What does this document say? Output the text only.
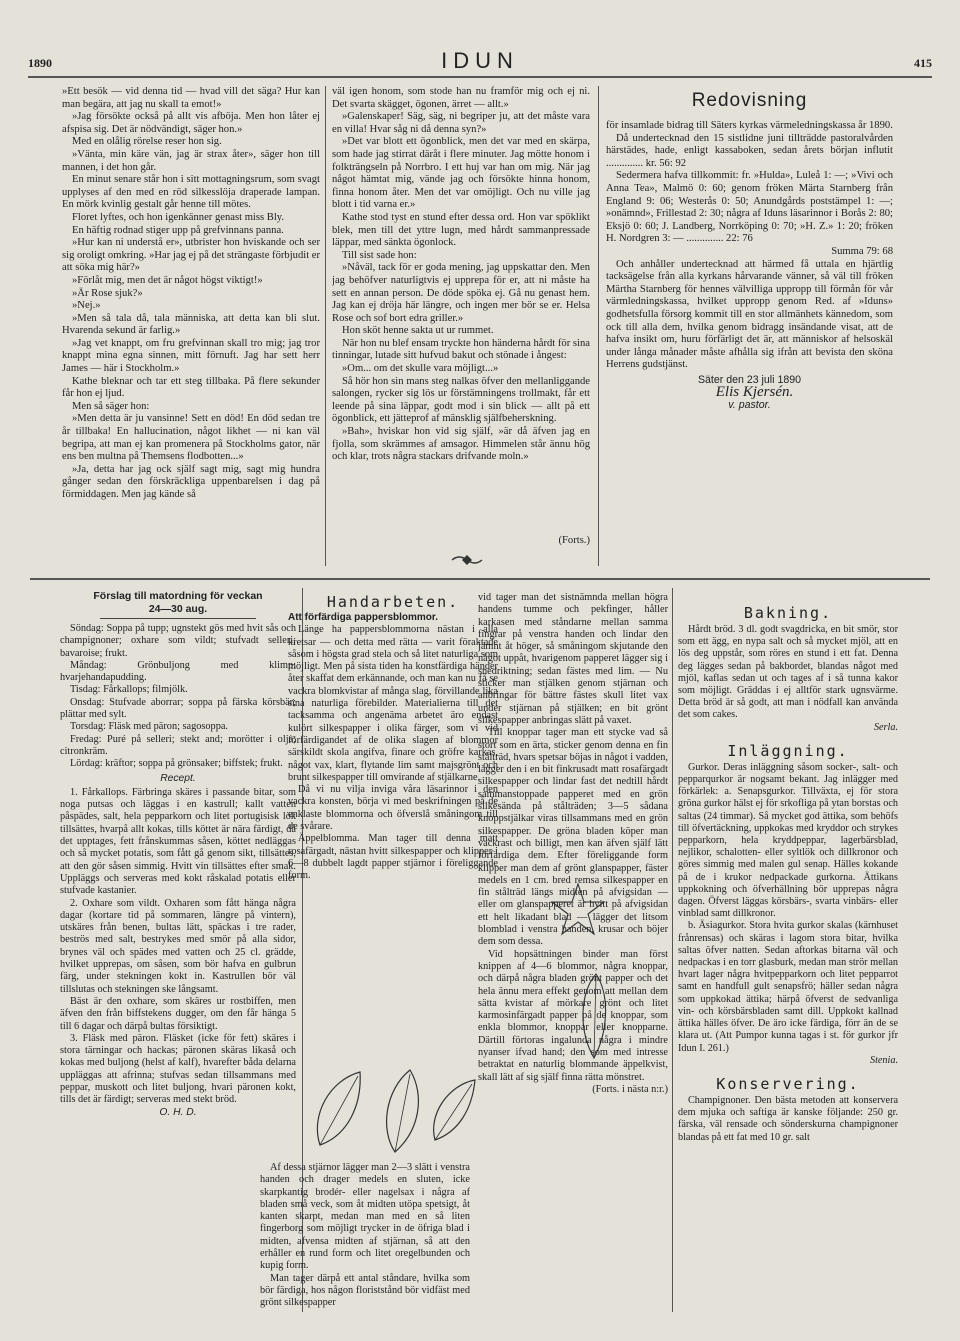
1890	IDUN	415

»Ett besök — vid denna tid — hvad vill det säga? Hur kan man begära, att jag nu skall ta emot!»

»Jag försökte också på allt vis afböja. Men hon låter ej afspisa sig. Det är nödvändigt, säger hon.»

Med en olålig rörelse reser hon sig.

»Vänta, min käre vän, jag är strax åter», säger hon till mannen, i det hon går.

En minut senare står hon i sitt mottagningsrum, som svagt upplyses af den med en röd silkesslöja draperade lampan. En mörk kvinlig gestalt går henne till mötes.

Floret lyftes, och hon igenkänner genast miss Bly.

En häftig rodnad stiger upp på grefvinnans panna.

»Hur kan ni understå er», utbrister hon hviskande och ser sig oroligt omkring. »Har jag ej på det strängaste förbjudit er att söka mig här?»

»Förlåt mig, men det är något högst viktigt!»

»Är Rose sjuk?»

»Nej.»

»Men så tala då, tala människa, att detta kan bli slut. Hvarenda sekund är farlig.»

»Jag vet knappt, om fru grefvinnan skall tro mig; jag tror knappt mina egna sinnen, mitt förnuft. Jag har sett herr James — här i Stockholm.»

Kathe bleknar och tar ett steg tillbaka. På flere sekunder får hon ej ljud.

Men så säger hon:

»Men detta är ju vansinne! Sett en död! En död sedan tre år tillbaka! En hallucination, något likhet — ni kan väl begripa, att man ej kan promenera på Stockholms gator, när ens ben multna på Themsens flodbotten...»

»Ja, detta har jag ock själf sagt mig, sagt mig hundra gånger sedan den förskräckliga uppenbarelsen i dag på förmiddagen. Men jag kände så

väl igen honom, som stode han nu framför mig och ej ni. Det svarta skägget, ögonen, ärret — allt.»

»Galenskaper! Säg, säg, ni begriper ju, att det måste vara en villa! Hvar såg ni då denna syn?»

»Det var blott ett ögonblick, men det var med en skärpa, som hade jag stirrat däråt i flere minuter. Jag mötte honom i folkträngseln på Norrbro. I ett huj var han om mig. När jag något hämtat mig, vände jag och försökte hinna honom, finna honom åter. Men det var omöjligt. Och nu ville jag blott i tid varna er.»

Kathe stod tyst en stund efter dessa ord. Hon var spöklikt blek, men till det yttre lugn, med hårdt sammanpressade läppar, med sänkta ögonlock.

Till sist sade hon:

»Nåväl, tack för er goda mening, jag uppskattar den. Men jag behöfver naturligtvis ej upprepa för er, att ni måste ha sett en annan person. De döde spöka ej. Gå nu genast hem. Jag kan ej dröja här längre, och ingen mer bör se er. Helsa Rose och sof bort edra griller.»

Hon sköt henne sakta ut ur rummet.

När hon nu blef ensam tryckte hon händerna hårdt för sina tinningar, lutade sitt hufvud bakut och stönade i ångest:

»Om... om det skulle vara möjligt...»

Så hör hon sin mans steg nalkas öfver den mellanliggande salongen, rycker sig lös ur förstämningens trollmakt, får ett leende på sina läppar, godt mod i sin blick — allt på ett ögonblick, ett jätteprof af mänsklig själfbeherskning.

»Bah», hviskar hon vid sig själf, »är då äfven jag en fjolla, som skrämmes af amsagor. Himmelen står ännu hög och klar, trots några stackars drifvande moln.»

(Forts.)
Redovisning

för insamlade bidrag till Säters kyrkas värmeledningskassa år 1890.

Då undertecknad den 15 sistlidne juni tillträdde pastoralvården härstädes, hade, enligt kassaboken, sedan årets början influtit .............. kr. 56: 92

Sedermera hafva tillkommit: fr. »Hulda», Luleå 1: —; »Vivi och Anna Tea», Malmö 0: 60; genom fröken Märta Starnberg från England 9: 06; Westerås 0: 50; Anundgårds poststämpel 1: —; »onämnd», Frillestad 2: 30; några af Iduns läsarinnor i Borås 2: 80; Eksjö 0: 60; J. Landberg, Norrköping 0: 70; »H. Z.» 1: 20; fröken H. Nordgren 3: — .............. 22: 76

Summa 79: 68

Och anhåller undertecknad att härmed få uttala en hjärtlig tacksägelse från alla kyrkans hårvarande vänner, så väl till fröken Märtha Starnberg för hennes välvilliga uppropp till förmån för vår värmledningskassa, hvilket uppropp genom Red. af »Iduns» godhetsfulla försorg kommit till en stor allmänhets kännedom, som ock till alla dem, hvilka genom bidragg insändande visat, att de hafva insikt om, huru förfärligt det är, att människor af helsoskäl under långa månader måste afhålla sig ifrån att bevista den sköna Herrens gudstjänst.

Säter den 23 juli 1890

Elis Kjersén.

v. pastor.

Förslag till matordning för veckan
24—30 aug.

Söndag: Soppa på tupp; ugnstekt gös med hvit sås och champignoner; oxhare som vildt; stufvadt selleri; bavaroise; frukt.

Måndag: Grönbuljong med klimp: hvarjehandapudding.

Tisdag: Fårkallops; filmjölk.

Onsdag: Stufvade aborrar; soppa på färska körsbär; plättar med sylt.

Torsdag: Fläsk med päron; sagosoppa.

Fredag: Puré på selleri; stekt and; morötter i olja; citronkräm.

Lördag: kräftor; soppa på grönsaker; biffstek; frukt.

Recept.

1. Fårkallops. Färbringa skäres i passande bitar, som noga putsas och läggas i en kastrull; kallt vatten påspädes, salt, hela pepparkorn och litet portugisisk lök tillsättes, hvarpå allt kokas, tills köttet är nära färdigt, då det upptages, fett frånskummas såsen, köttet nedläggas och så mycket potatis, som fått gå genom sikt, tillsättes, att den gör såsen simmig. Hvitt vin tillsättes efter smak. Uppläggs och serveras med kokt råskalad potatis eller stufvade kastanier.

2. Oxhare som vildt. Oxharen som fått hänga några dagar (kortare tid på sommaren, längre på vintern), utskäres från benen, bultas lätt, späckas i tre rader, beströs med salt, bestrykes med smör på alla sidor, brynes väl och spädes med vatten och 25 cl. grädde, hvilket upprepas, om såsen, som bör hafva en gulbrun färg, under stekningen kokt in. Kastrullen bör väl tillslutas och stekningen ske långsamt.

Bäst är den oxhare, som skäres ur rostbiffen, men äfven den från biffstekens dugger, om den får hänga 5 till 6 dagar och därpå bultas försiktigt.

3. Fläsk med päron. Fläsket (icke för fett) skäres i stora tärningar och hackas; päronen skäras likaså och kokas med buljong (helst af kalf), hvarefter båda delarna uppläggas att afrinna; stufvas sedan tillsammans med peppar, muskott och litet buljong, hvari päronen kokt, tills det är färdigt; serveras med stekt bröd.

O. H. D.

Handarbeten.

Att förfärdiga pappersblommor.

Länge ha pappersblommorna nästan i alla kretsar — och detta med rätta — varit föraktade såsom i högsta grad stela och så litet naturliga som möjligt. Men på sista tiden ha konstfärdiga händer åter skaffat dem erkännande, och man kan nu få se vackra blomkvistar af många slag, förvillande lika sina naturliga förebilder. Materialierna till det tacksamma och angenäma arbetet äro endast kulört silkespapper i olika färger, som vi vid förfärdigandet af de olika slagen af blommor särskildt skola angifva, finare och gröfre karkas, något vax, klart, flytande lim samt majsgrönt och brunt silkespapper till omvirande af stjälkarne.

Då vi nu vilja inviga våra läsarinnor i den vackra konsten, börja vi med beskrifningen på de enklaste blommorna och öfverslå småningom till de svårare.

Äppelblomma. Man tager till denna matt rosafärgadt, nästan hvitt silkespapper och klipper i 6—8 dubbelt lagdt papper stjärnor i föreliggande form.

Af dessa stjärnor lägger man 2—3 slätt i venstra handen och drager medels en sluten, icke skarpkantig brodér- eller nagelsax i några af bladen små veck, som åt midten utöpa spetsigt, åt kanten skarpt, medan man med en så liten fingerborg som möjligt trycker in de öfriga blad i midten, afvensa midten af stjärnan, så att den erhåller en rund form och litet oregelbunden och kupig form.

Man tager därpå ett antal ståndare, hvilka som bör färdiga, hos någon floriststånd bör vidfäst med grönt silkespapper

vid tager man det sistnämnda mellan högra handens tumme och pekfinger, håller karkasen med ståndarne mellan samma fingrar på venstra handen och lindar den jämnt åt höger, så småningom skjutande den något uppåt, hvarigenom papperet lägger sig i snedriktning; sedan fästes med lim. — Nu sticker man stjälken genom stjärnan och anbringar för bättre fästes skull litet vax under stjärnan på stjälken; en bit grönt silkespapper anbringas slätt på vaxet.

Till knoppar tager man ett stycke vad så stort som en ärta, sticker genom denna en fin stålträd, hvars spetsar böjas in något i vadden, lägger den i en bit finkrusadt matt rosafärgadt silkespapper och lindar fast det nedtill hårdt sammanstoppade papperet med en grön silkesända på stålträden; 3—5 sådana knoppstjälkar viras tillsammans med en grön silkespapper. De gröna bladen köper man vackrast och billigt, men kan äfven själf lätt förfärdiga dem. Efter föreliggande form klipper man dem af grönt glanspapper, fäster medels en 1 cm. bred remsa silkespapper en fin stålträd längs midten på afvigsidan — eller om glanspapperet är hvitt på afvigsidan ett helt likadant blad — lägger det litsom blomblad i venstra handen, krusar och böjer dem som dessa.

Vid hopsättningen binder man först knippen af 4—6 blommor, några knoppar, och därpå några bladen grönt papper och det hela ännu mera effekt genom att mellan dem sätta kvistar af mörkare grönt och litet karmosinfärgadt papper på de knoppar, som enkla blommor, knoppar eller knopparne. Därtill förtoras ingalunda några i mindre nyanser ifvad hand; den som med intresse betraktat en naturlig blommande äppelkvist, skall lätt af sig själf finna rätta mönstret.

(Forts. i nästa n:r.)

Bakning.

Hårdt bröd. 3 dl. godt svagdricka, en bit smör, stor som ett ägg, en nypa salt och så mycket mjöl, att en lös deg uppstår, som röres en stund i ett fat. Denna deg lägges sedan på bakbordet, blandas något med mjöl, kaflas sedan ut och tages af i så tunna kakor som möjligt. Gräddas i ej alltför stark ugnsvärme. Detta bröd är så godt, att man i nödfall kan använda det som cakes.

Serla.

Inläggning.

Gurkor. Deras inläggning såsom socker-, salt- och pepparqurkor är nogsamt bekant. Jag inlägger med förkärlek: a. Senapsgurkor. Tillväxta, ej för stora gröna gurkor hälst ej för srkofliga på ytan borstas och saltas (24 timmar). Så mycket god ättika, som behöfs till öfvertäckning, uppkokas med kryddor och strykes pepparkorn, hela kryddpeppar, lagerbärsblad, nejlikor, schalotten- eller syltlök och dillkronor och göres simmig med malen gul senap. Hälles kokande på de i krukor nedpackade gurkorna. Ättikans uppkokning och öfverhällning bör upprepas några dagen. Öfverst läggas körsbärs-, svarta vinbärs- eller vinblad samt dillkronor.

b. Äsiagurkor. Stora hvita gurkor skalas (kärnhuset frånrensas) och skäras i lagom stora bitar, hvilka saltas öfver natten. Sedan aftorkas bitarna väl och nedpackas i en torr glasburk, medan man strör mellan hvart lager några hvitpepparkorn och litet pepparrot samt en handfull gult senapsfrö; häller sedan några som uppkokad ättika; härpå öfverst de sedvanliga vin- och körsbärsbladen samt dill. Uppkokt kallnad ättika hälles öfver. De äro icke färdiga, förr än de se klara ut. (Att Pumpor kunna tagas i st. för gurkor jfr Idun I. 261.)

Stenia.

Konservering.

Champignoner. Den bästa metoden att konservera dem mjuka och saftiga är kanske följande: 250 gr. färska, väl rensade och sönderskurna champignoner blandas på ett fat med 10 gr. salt
